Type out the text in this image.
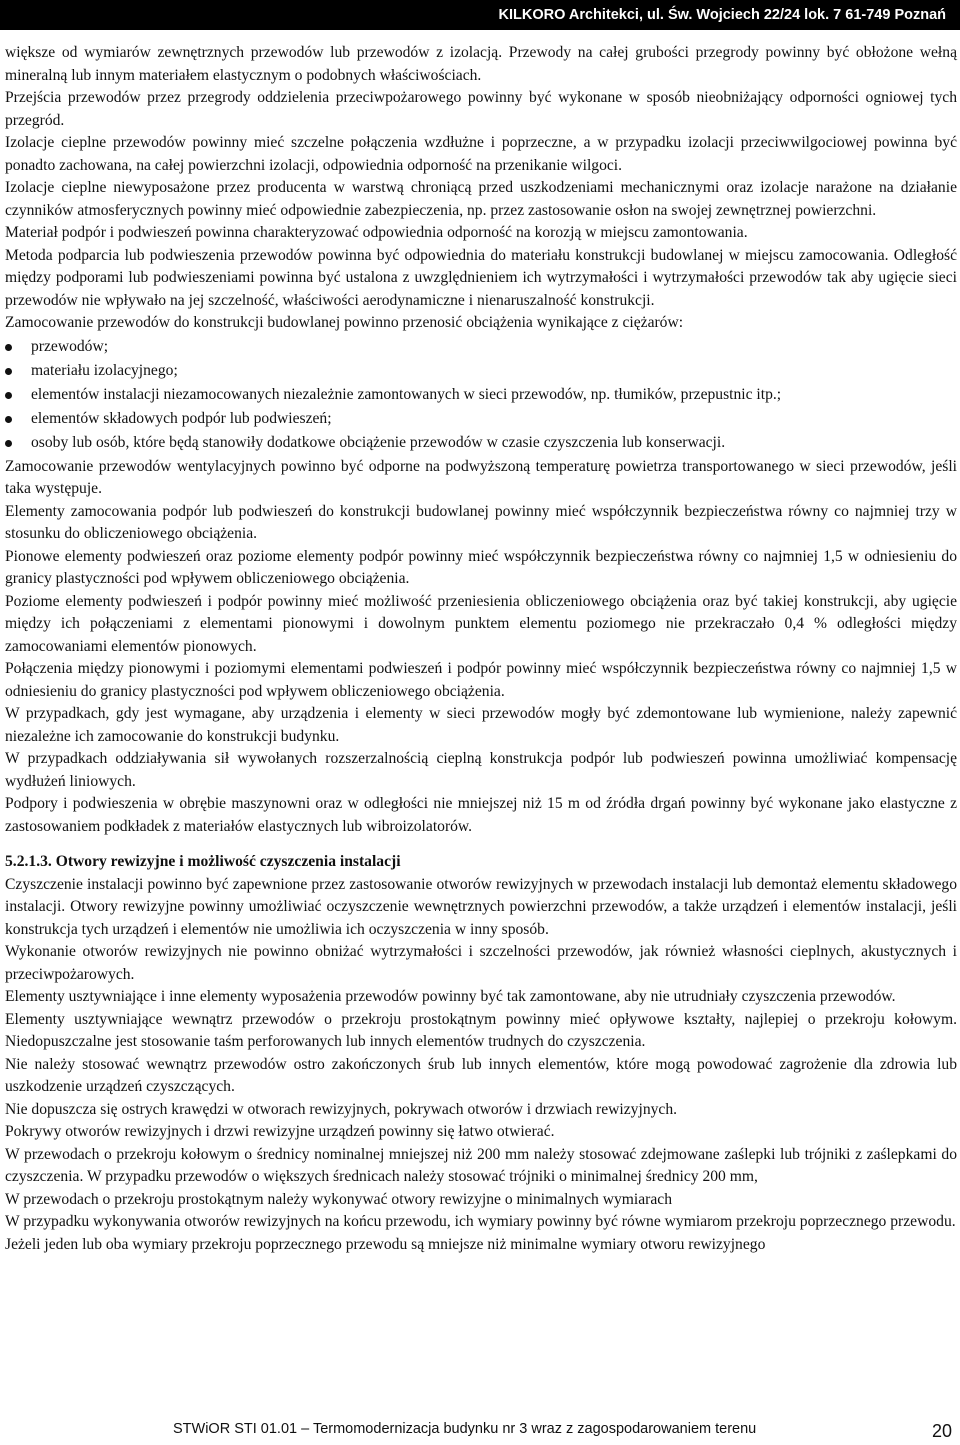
KILKORO Architekci, ul. Św. Wojciech 22/24 lok. 7 61-749 Poznań

większe od wymiarów zewnętrznych przewodów lub przewodów z izolacją. Przewody na całej grubości przegrody powinny być obłożone wełną mineralną lub innym materiałem elastycznym o podobnych właściwościach.

Przejścia przewodów przez przegrody oddzielenia przeciwpożarowego powinny być wykonane w sposób nieobniżający odporności ogniowej tych przegród.

Izolacje cieplne przewodów powinny mieć szczelne połączenia wzdłużne i poprzeczne, a w przypadku izolacji przeciwwilgociowej powinna być ponadto zachowana, na całej powierzchni izolacji, odpowiednia odporność na przenikanie wilgoci.

Izolacje cieplne niewyposażone przez producenta w warstwą chroniącą przed uszkodzeniami mechanicznymi oraz izolacje narażone na działanie czynników atmosferycznych powinny mieć odpowiednie zabezpieczenia, np. przez zastosowanie osłon na swojej zewnętrznej powierzchni.

Materiał podpór i podwieszeń powinna charakteryzować odpowiednia odporność na korozją w miejscu zamontowania.

Metoda podparcia lub podwieszenia przewodów powinna być odpowiednia do materiału konstrukcji budowlanej w miejscu zamocowania. Odległość między podporami lub podwieszeniami powinna być ustalona z uwzględnieniem ich wytrzymałości i wytrzymałości przewodów tak aby ugięcie sieci przewodów nie wpływało na jej szczelność, właściwości aerodynamiczne i nienaruszalność konstrukcji.

Zamocowanie przewodów do konstrukcji budowlanej powinno przenosić obciążenia wynikające z ciężarów:

przewodów;
materiału izolacyjnego;
elementów instalacji niezamocowanych niezależnie zamontowanych w sieci przewodów, np. tłumików, przepustnic itp.;
elementów składowych podpór lub podwieszeń;
osoby lub osób, które będą stanowiły dodatkowe obciążenie przewodów w czasie czyszczenia lub konserwacji.

Zamocowanie przewodów wentylacyjnych powinno być odporne na podwyższoną temperaturę powietrza transportowanego w sieci przewodów, jeśli taka występuje.

Elementy zamocowania podpór lub podwieszeń do konstrukcji budowlanej powinny mieć współczynnik bezpieczeństwa równy co najmniej trzy w stosunku do obliczeniowego obciążenia.

Pionowe elementy podwieszeń oraz poziome elementy podpór powinny mieć współczynnik bezpieczeństwa równy co najmniej 1,5 w odniesieniu do granicy plastyczności pod wpływem obliczeniowego obciążenia.

Poziome elementy podwieszeń i podpór powinny mieć możliwość przeniesienia obliczeniowego obciążenia oraz być takiej konstrukcji, aby ugięcie między ich połączeniami z elementami pionowymi i dowolnym punktem elementu poziomego nie przekraczało 0,4 % odległości między zamocowaniami elementów pionowych.

Połączenia między pionowymi i poziomymi elementami podwieszeń i podpór powinny mieć współczynnik bezpieczeństwa równy co najmniej 1,5 w odniesieniu do granicy plastyczności pod wpływem obliczeniowego obciążenia.

W przypadkach, gdy jest wymagane, aby urządzenia i elementy w sieci przewodów mogły być zdemontowane lub wymienione, należy zapewnić niezależne ich zamocowanie do konstrukcji budynku.

W przypadkach oddziaływania sił wywołanych rozszerzalnością cieplną konstrukcja podpór lub podwieszeń powinna umożliwiać kompensację wydłużeń liniowych.

Podpory i podwieszenia w obrębie maszynowni oraz w odległości nie mniejszej niż 15 m od źródła drgań powinny być wykonane jako elastyczne z zastosowaniem podkładek z materiałów elastycznych lub wibroizolatorów.

5.2.1.3. Otwory rewizyjne i możliwość czyszczenia instalacji

Czyszczenie instalacji powinno być zapewnione przez zastosowanie otworów rewizyjnych w przewodach instalacji lub demontaż elementu składowego instalacji. Otwory rewizyjne powinny umożliwiać oczyszczenie wewnętrznych powierzchni przewodów, a także urządzeń i elementów instalacji, jeśli konstrukcja tych urządzeń i elementów nie umożliwia ich oczyszczenia w inny sposób.

Wykonanie otworów rewizyjnych nie powinno obniżać wytrzymałości i szczelności przewodów, jak również własności cieplnych, akustycznych i przeciwpożarowych.

Elementy usztywniające i inne elementy wyposażenia przewodów powinny być tak zamontowane, aby nie utrudniały czyszczenia przewodów.

Elementy usztywniające wewnątrz przewodów o przekroju prostokątnym powinny mieć opływowe kształty, najlepiej o przekroju kołowym. Niedopuszczalne jest stosowanie taśm perforowanych lub innych elementów trudnych do czyszczenia.

Nie należy stosować wewnątrz przewodów ostro zakończonych śrub lub innych elementów, które mogą powodować zagrożenie dla zdrowia lub uszkodzenie urządzeń czyszczących.

Nie dopuszcza się ostrych krawędzi w otworach rewizyjnych, pokrywach otworów i drzwiach rewizyjnych.

Pokrywy otworów rewizyjnych i drzwi rewizyjne urządzeń powinny się łatwo otwierać.

W przewodach o przekroju kołowym o średnicy nominalnej mniejszej niż 200 mm należy stosować zdejmowane zaślepki lub trójniki z zaślepkami do czyszczenia. W przypadku przewodów o większych średnicach należy stosować trójniki o minimalnej średnicy 200 mm,

W przewodach o przekroju prostokątnym należy wykonywać otwory rewizyjne o minimalnych wymiarach

W przypadku wykonywania otworów rewizyjnych na końcu przewodu, ich wymiary powinny być równe wymiarom przekroju poprzecznego przewodu.

Jeżeli jeden lub oba wymiary przekroju poprzecznego przewodu są mniejsze niż minimalne wymiary otworu rewizyjnego

STWiOR STI 01.01 – Termomodernizacja budynku nr 3 wraz z zagospodarowaniem terenu	20
